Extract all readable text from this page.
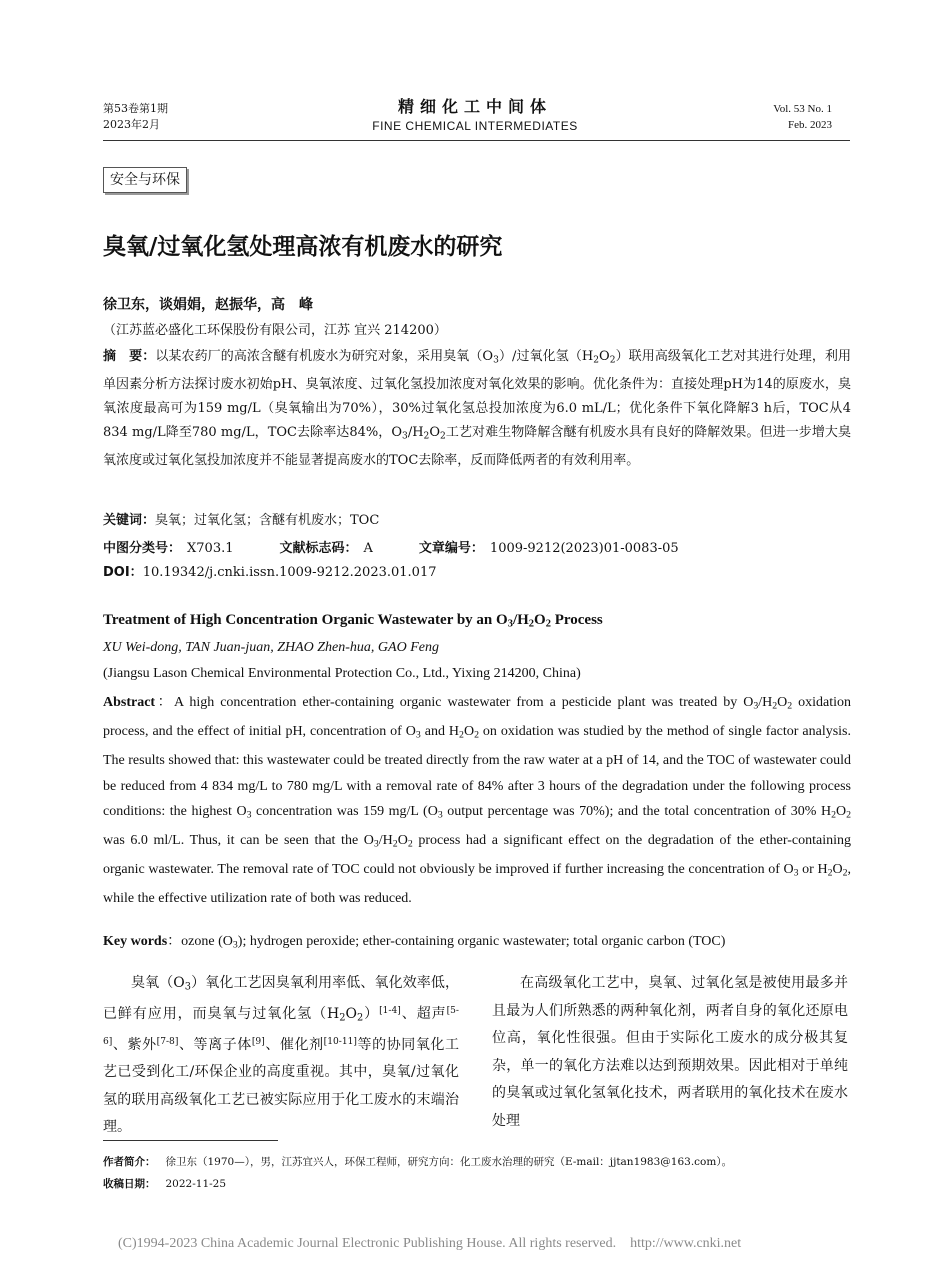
第53卷第1期
2023年2月
精细化工中间体
FINE CHEMICAL INTERMEDIATES
Vol. 53 No. 1
Feb. 2023
安全与环保
臭氧/过氧化氢处理高浓有机废水的研究
徐卫东，谈娟娟，赵振华，高　峰
（江苏蓝必盛化工环保股份有限公司，江苏 宜兴 214200）
摘　要：以某农药厂的高浓含醚有机废水为研究对象，采用臭氧$(O_3)/$过氧化氢$(H_2O_2)$联用高级氧化工艺对其进行处理，利用单因素分析方法探讨废水初始pH、臭氧浓度、过氧化氢投加浓度对氧化效果的影响。优化条件为：直接处理pH为14的原废水，臭氧浓度最高可为159 mg/L（臭氧输出为70%），30%过氧化氢总投加浓度为6.0 mL/L；优化条件下氧化降解3 h后，TOC从4 834 mg/L降至780 mg/L，TOC去除率达84%，$O_3/H_2O_2$工艺对难生物降解含醚有机废水具有良好的降解效果。但进一步增大臭氧浓度或过氧化氢投加浓度并不能显著提高废水的TOC去除率，反而降低两者的有效利用率。
关键词：臭氧；过氧化氢；含醚有机废水；TOC
中图分类号： X703.1	文献标志码： A	文章编号： 1009-9212(2023)01-0083-05
DOI：10.19342/j.cnki.issn.1009-9212.2023.01.017
Treatment of High Concentration Organic Wastewater by an $O_3/H_2O_2$ Process
XU Wei-dong, TAN Juan-juan, ZHAO Zhen-hua, GAO Feng
(Jiangsu Lason Chemical Environmental Protection Co., Ltd., Yixing 214200, China)
Abstract：A high concentration ether-containing organic wastewater from a pesticide plant was treated by $O_3/H_2O_2$ oxidation process, and the effect of initial pH, concentration of $O_3$ and $H_2O_2$ on oxidation was studied by the method of single factor analysis. The results showed that: this wastewater could be treated directly from the raw water at a pH of 14, and the TOC of wastewater could be reduced from 4 834 mg/L to 780 mg/L with a removal rate of 84% after 3 hours of the degradation under the following process conditions: the highest $O_3$ concentration was 159 mg/L ($O_3$ output percentage was 70%); and the total concentration of 30% $H_2O_2$ was 6.0 ml/L. Thus, it can be seen that the $O_3/H_2O_2$ process had a significant effect on the degradation of the ether-containing organic wastewater. The removal rate of TOC could not obviously be improved if further increasing the concentration of $O_3$ or $H_2O_2$, while the effective utilization rate of both was reduced.
Key words：ozone $(O_3)$; hydrogen peroxide; ether-containing organic wastewater; total organic carbon (TOC)

臭氧$(O_3)$氧化工艺因臭氧利用率低、氧化效率低，已鲜有应用，而臭氧与过氧化氢$(H_2O_2)[1-4]$、超声[5-6]、紫外[7-8]、等离子体[9]、催化剂[10-11]等的协同氧化工艺已受到化工/环保企业的高度重视。其中，臭氧/过氧化氢的联用高级氧化工艺已被实际应用于化工废水的末端治理。

在高级氧化工艺中，臭氧、过氧化氢是被使用最多并且最为人们所熟悉的两种氧化剂，两者自身的氧化还原电位高，氧化性很强。但由于实际化工废水的成分极其复杂，单一的氧化方法难以达到预期效果。因此相对于单纯的臭氧或过氧化氢氧化技术，两者联用的氧化技术在废水处理

作者简介： 徐卫东（1970—），男，江苏宜兴人，环保工程师，研究方向：化工废水治理的研究（E-mail：jjtan1983@163.com）。
收稿日期： 2022-11-25
(C)1994-2023 China Academic Journal Electronic Publishing House. All rights reserved.    http://www.cnki.net
